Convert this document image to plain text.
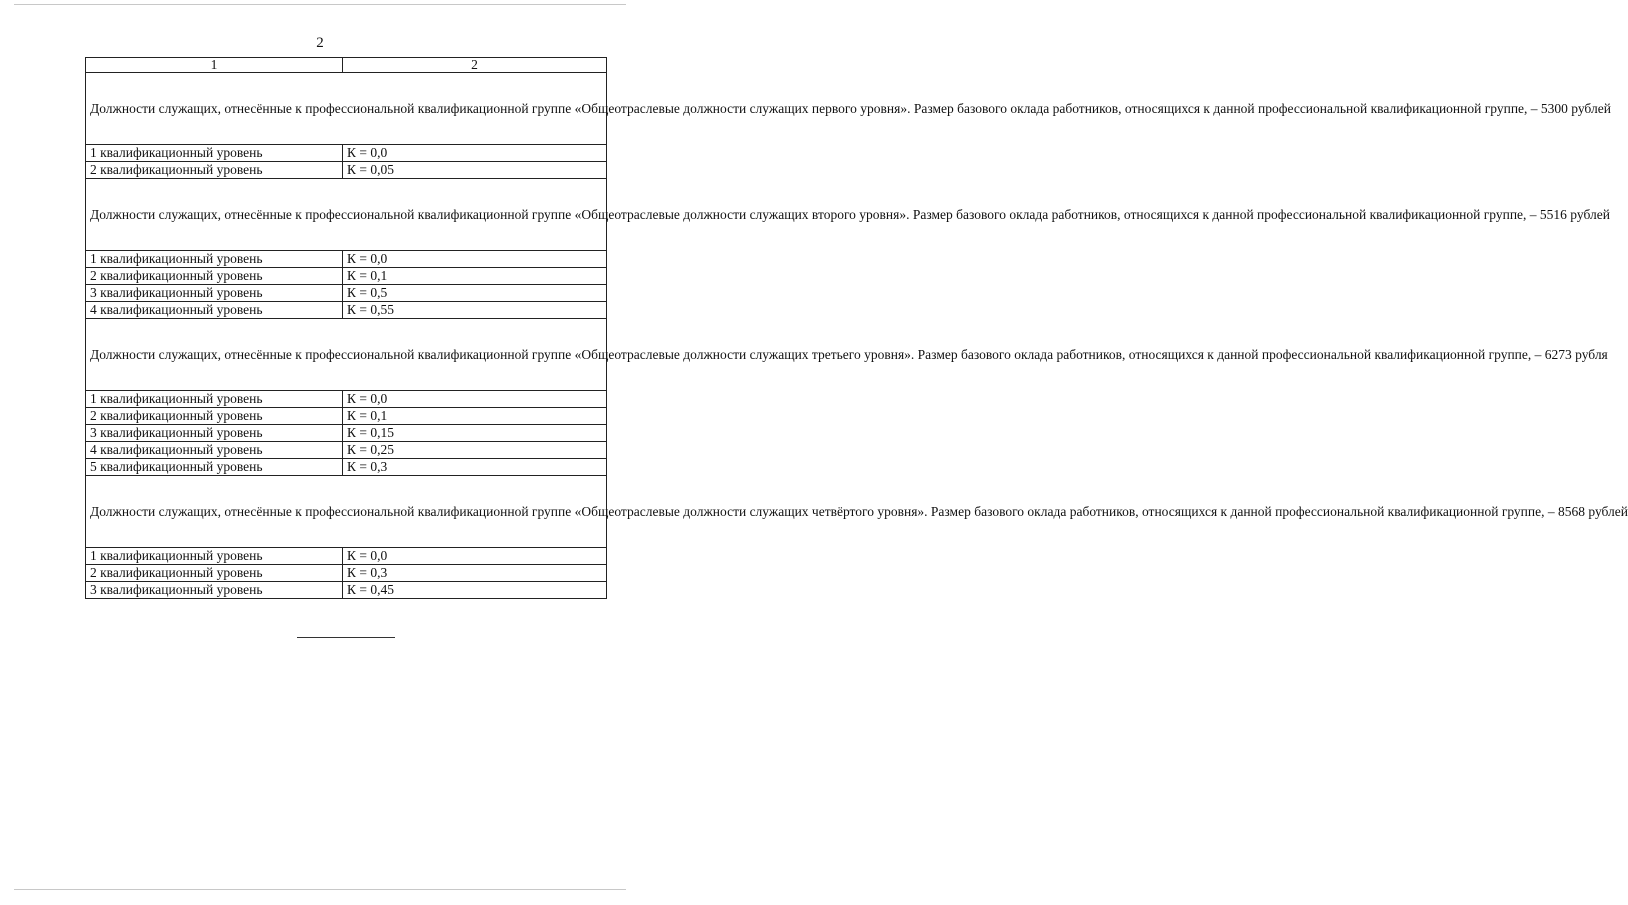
2
1	2
Должности служащих, отнесённые к профессиональной квалификационной группе «Общеотраслевые должности служащих первого уровня». Размер базового оклада работников, относящихся к данной профессиональной квалификационной группе, – 5300 рублей	
1 квалификационный уровень	К = 0,0
2 квалификационный уровень	К = 0,05
Должности служащих, отнесённые к профессиональной квалификационной группе «Общеотраслевые должности служащих второго уровня». Размер базового оклада работников, относящихся к данной профессиональной квалификационной группе, – 5516 рублей	
1 квалификационный уровень	К = 0,0
2 квалификационный уровень	К = 0,1
3 квалификационный уровень	К = 0,5
4 квалификационный уровень	К = 0,55
Должности служащих, отнесённые к профессиональной квалификационной группе «Общеотраслевые должности служащих третьего уровня». Размер базового оклада работников, относящихся к данной профессиональной квалификационной группе, – 6273 рубля	
1 квалификационный уровень	К = 0,0
2 квалификационный уровень	К = 0,1
3 квалификационный уровень	К = 0,15
4 квалификационный уровень	К = 0,25
5 квалификационный уровень	К = 0,3
Должности служащих, отнесённые к профессиональной квалификационной группе «Общеотраслевые должности служащих четвёртого уровня». Размер базового оклада работников, относящихся к данной профессиональной квалификационной группе, – 8568 рублей	
1 квалификационный уровень	К = 0,0
2 квалификационный уровень	К = 0,3
3 квалификационный уровень	К = 0,45
